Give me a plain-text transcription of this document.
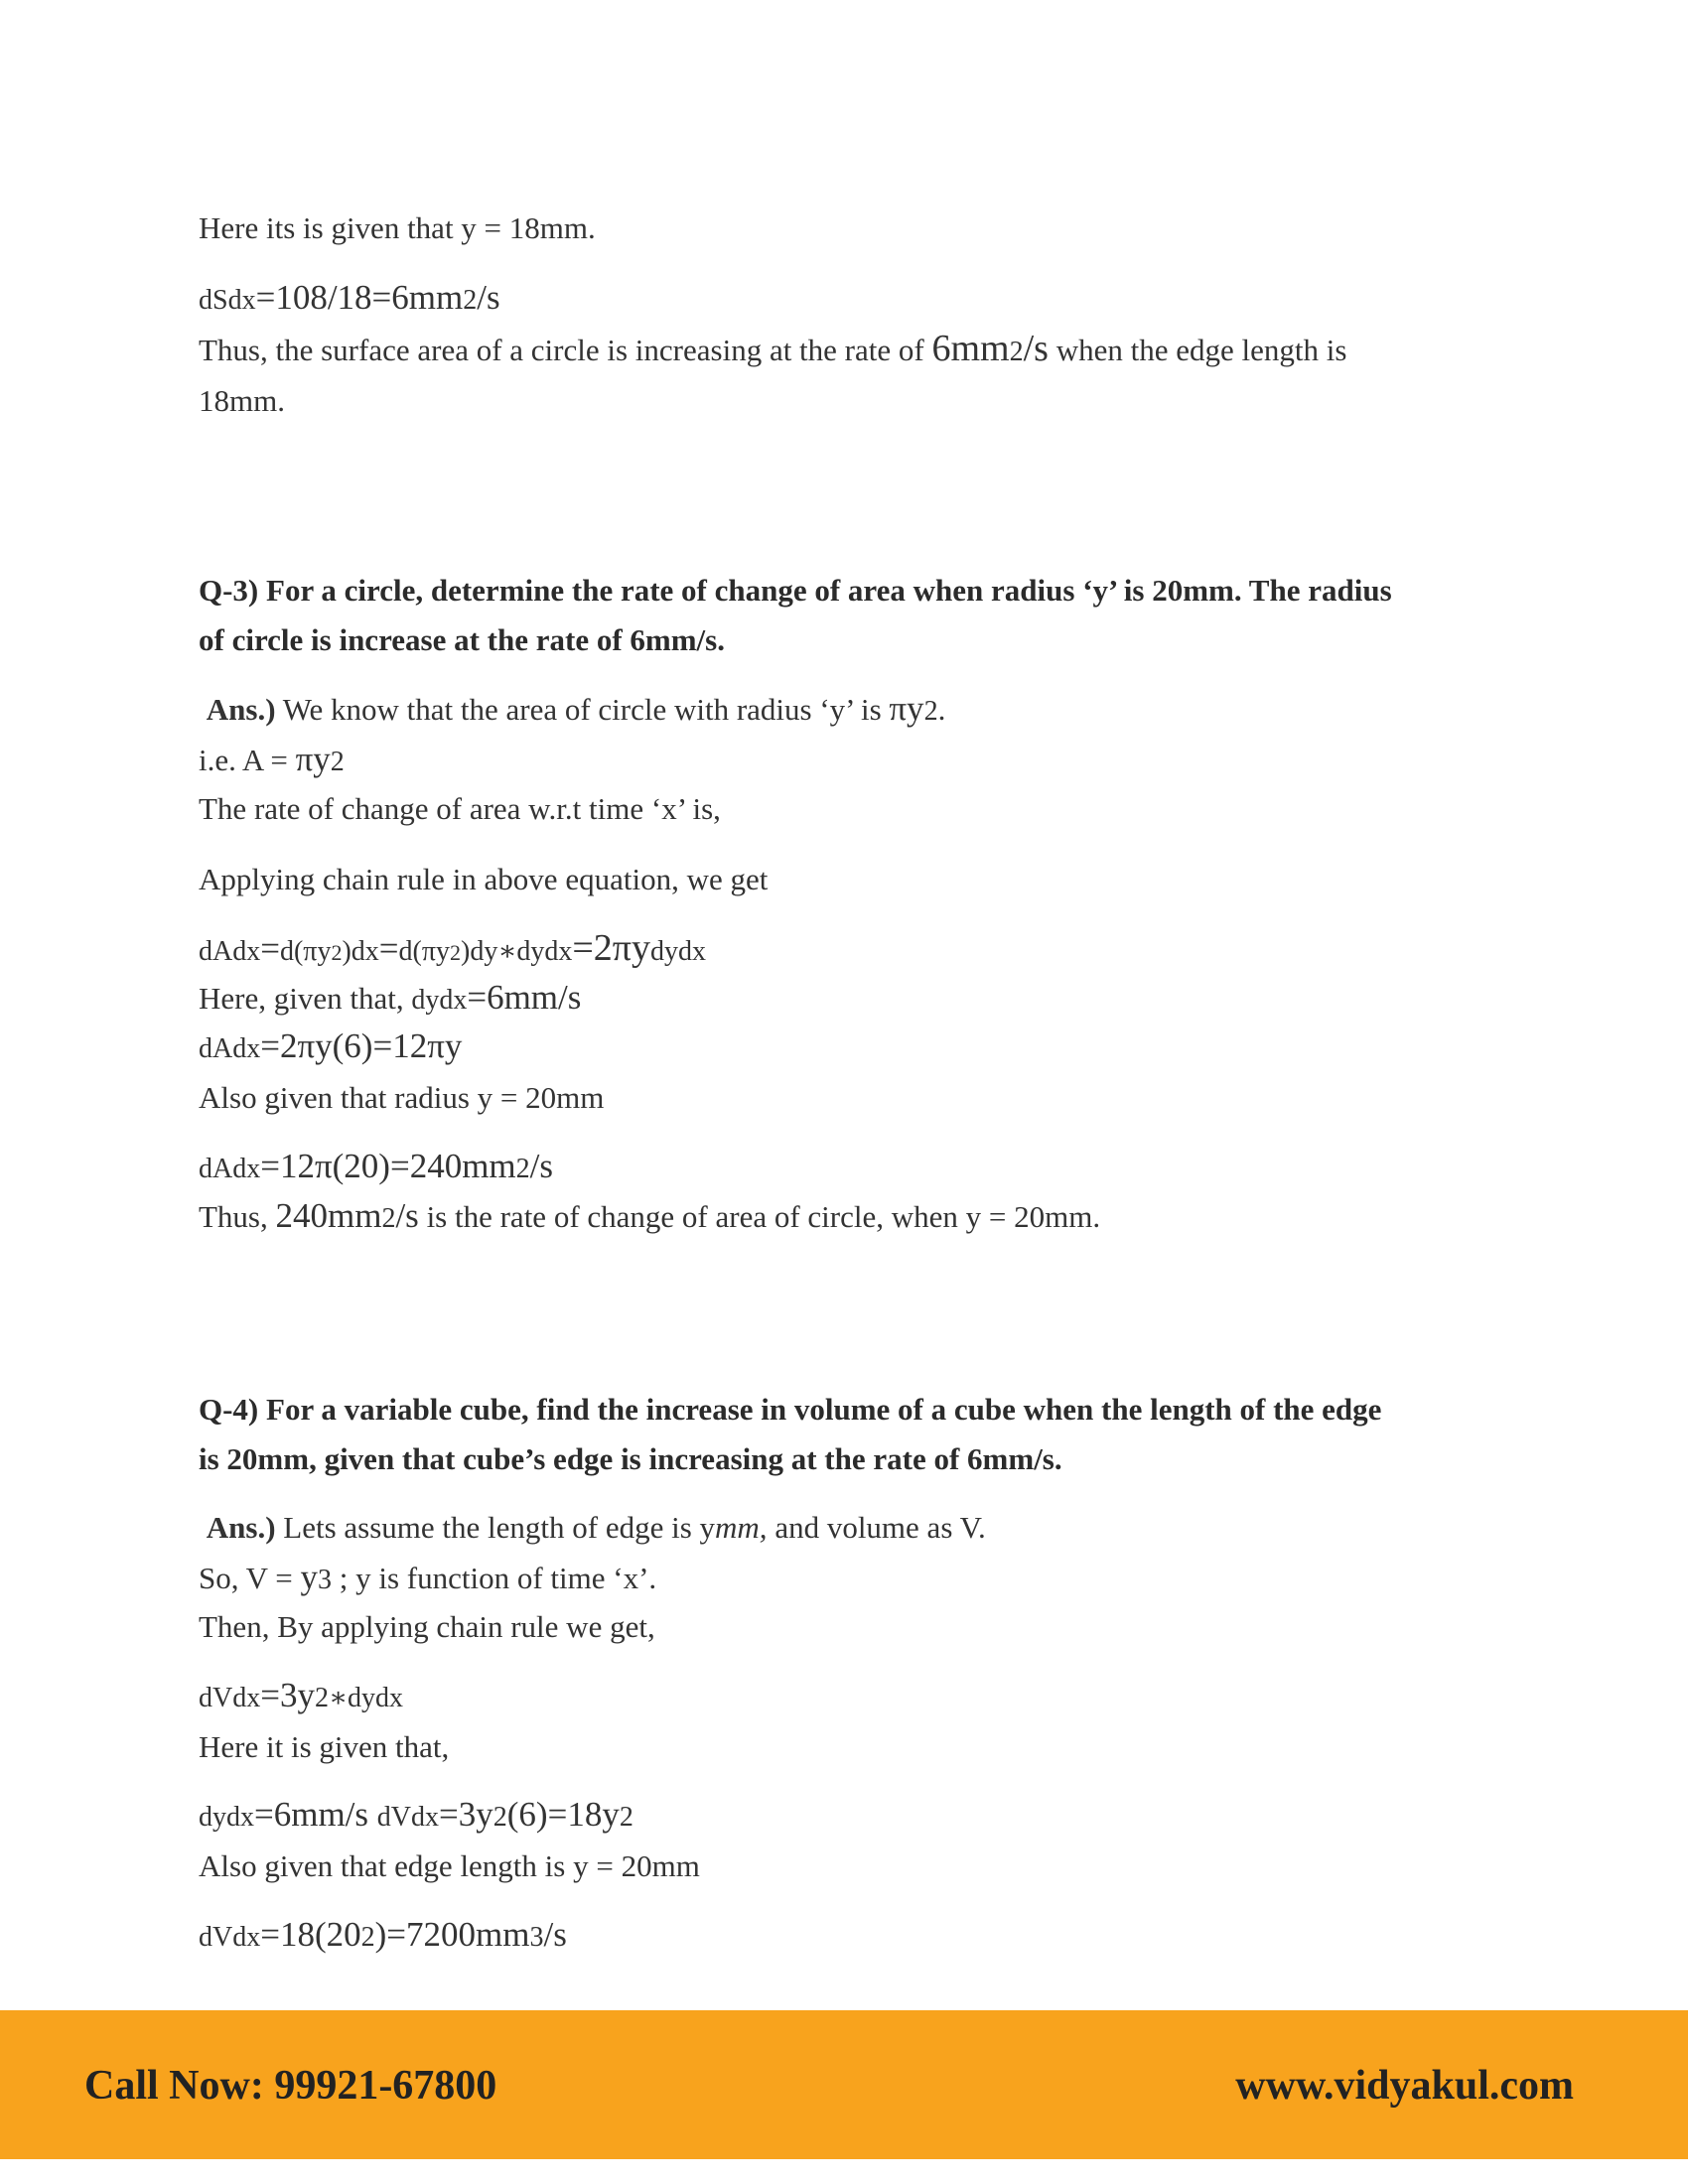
Here its is given that y = 18mm.

dSdx=108/18=6mm2/s

Thus, the surface area of a circle is increasing at the rate of 6mm2/s when the edge length is

18mm.

Q-3) For a circle, determine the rate of change of area when radius ‘y’ is 20mm. The radius

of circle is increase at the rate of 6mm/s.

Ans.) We know that the area of circle with radius ‘y’ is πy2.

i.e. A = πy2

The rate of change of area w.r.t time ‘x’ is,

Applying chain rule in above equation, we get

dAdx=d(πy2)dx=d(πy2)dy∗dydx=2πydydx

Here, given that, dydx=6mm/s

dAdx=2πy(6)=12πy

Also given that radius y = 20mm

dAdx=12π(20)=240mm2/s

Thus, 240mm2/s is the rate of change of area of circle, when y = 20mm.

Q-4) For a variable cube, find the increase in volume of a cube when the length of the edge

is 20mm, given that cube’s edge is increasing at the rate of 6mm/s.

Ans.) Lets assume the length of edge is ymm, and volume as V.

So, V = y3 ; y is function of time ‘x’.

Then, By applying chain rule we get,

dVdx=3y2∗dydx

Here it is given that,

dydx=6mm/s dVdx=3y2(6)=18y2

Also given that edge length is y = 20mm

dVdx=18(202)=7200mm3/s

Call Now: 99921-67800	www.vidyakul.com
